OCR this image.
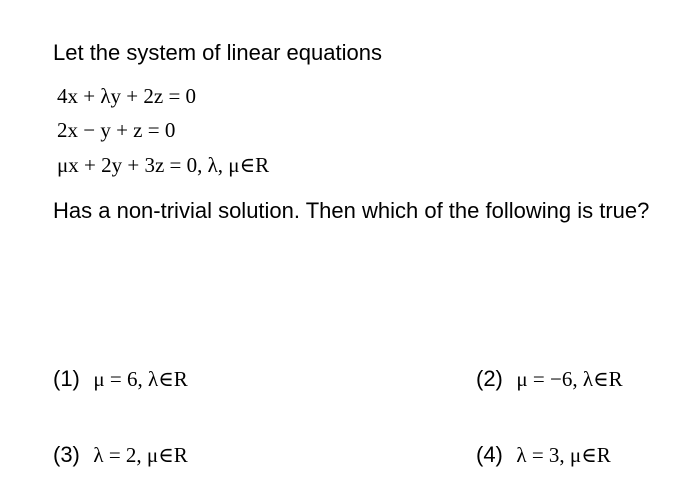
Let the system of linear equations
4x + λy + 2z = 0
2x − y + z = 0
μx + 2y + 3z = 0, λ, μ∈R
Has a non-trivial solution. Then which of the following is true?
(1) μ = 6, λ∈R	(2) μ = −6, λ∈R
(3) λ = 2, μ∈R	(4) λ = 3, μ∈R
